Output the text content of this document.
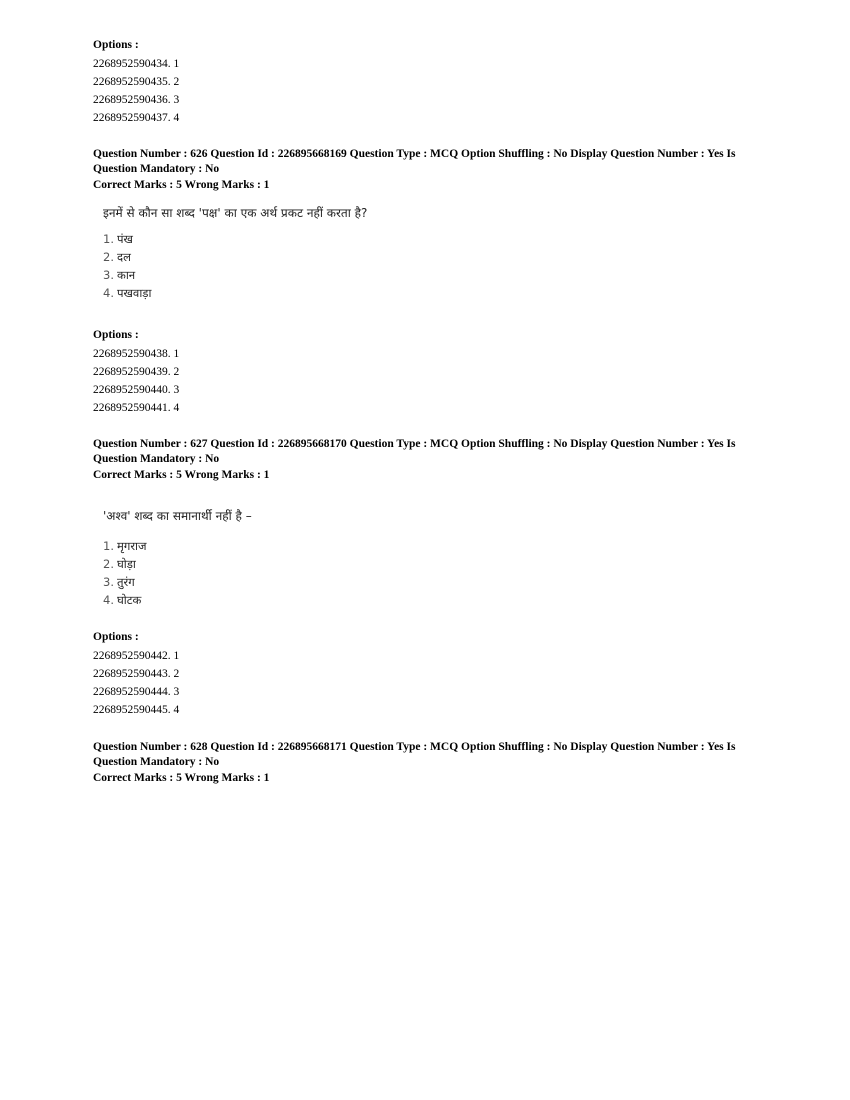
Options :
2268952590434. 1
2268952590435. 2
2268952590436. 3
2268952590437. 4
Question Number : 626 Question Id : 226895668169 Question Type : MCQ Option Shuffling : No Display Question Number : Yes Is
Question Mandatory : No
Correct Marks : 5 Wrong Marks : 1
इनमें से कौन सा शब्द 'पक्ष' का एक अर्थ प्रकट नहीं करता है?
1. पंख
2. दल
3. कान
4. पखवाड़ा
Options :
2268952590438. 1
2268952590439. 2
2268952590440. 3
2268952590441. 4
Question Number : 627 Question Id : 226895668170 Question Type : MCQ Option Shuffling : No Display Question Number : Yes Is
Question Mandatory : No
Correct Marks : 5 Wrong Marks : 1
'अश्व' शब्द का समानार्थी नहीं है –
1. मृगराज
2. घोड़ा
3. तुरंग
4. घोटक
Options :
2268952590442. 1
2268952590443. 2
2268952590444. 3
2268952590445. 4
Question Number : 628 Question Id : 226895668171 Question Type : MCQ Option Shuffling : No Display Question Number : Yes Is
Question Mandatory : No
Correct Marks : 5 Wrong Marks : 1
